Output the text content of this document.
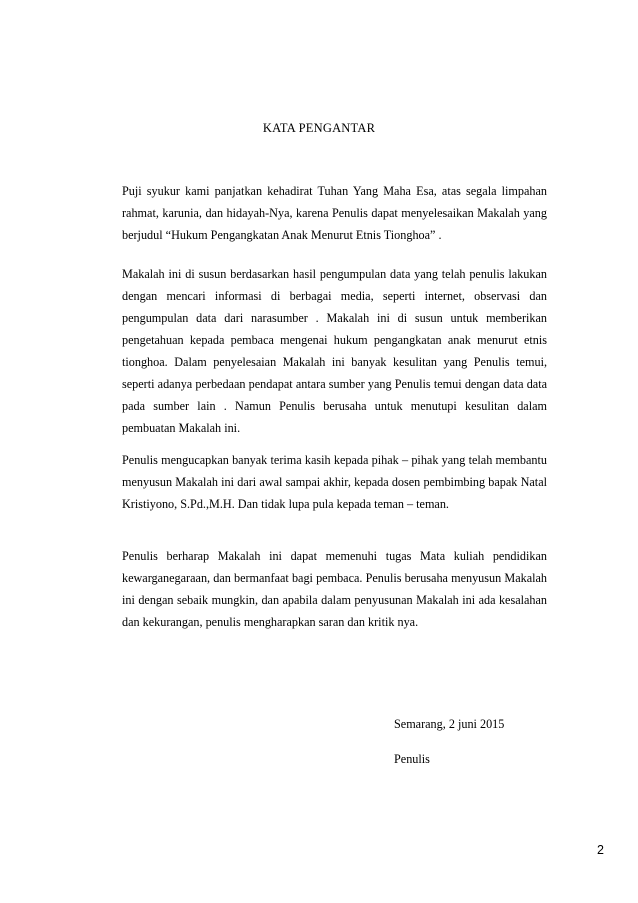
KATA PENGANTAR
Puji syukur kami panjatkan kehadirat Tuhan Yang Maha Esa, atas segala limpahan rahmat, karunia, dan hidayah-Nya, karena Penulis dapat menyelesaikan Makalah yang berjudul “Hukum Pengangkatan Anak Menurut Etnis Tionghoa” .
Makalah ini di susun berdasarkan hasil pengumpulan data yang telah penulis lakukan dengan mencari informasi di berbagai media, seperti internet, observasi dan pengumpulan data dari narasumber . Makalah ini di susun untuk memberikan pengetahuan kepada pembaca mengenai hukum pengangkatan anak menurut etnis tionghoa. Dalam penyelesaian Makalah ini banyak kesulitan yang Penulis temui, seperti adanya perbedaan pendapat antara sumber yang Penulis temui dengan data data pada sumber lain . Namun Penulis berusaha untuk menutupi kesulitan dalam pembuatan Makalah ini.
Penulis mengucapkan banyak terima kasih kepada pihak – pihak yang telah membantu menyusun Makalah ini dari awal sampai akhir, kepada dosen pembimbing bapak Natal Kristiyono, S.Pd.,M.H. Dan tidak lupa pula kepada teman – teman.
Penulis berharap Makalah ini dapat memenuhi tugas Mata kuliah pendidikan kewarganegaraan, dan bermanfaat bagi pembaca. Penulis berusaha menyusun Makalah ini dengan sebaik mungkin, dan apabila dalam penyusunan Makalah ini ada kesalahan dan kekurangan, penulis mengharapkan saran dan kritik nya.
Semarang, 2 juni 2015
Penulis
2
